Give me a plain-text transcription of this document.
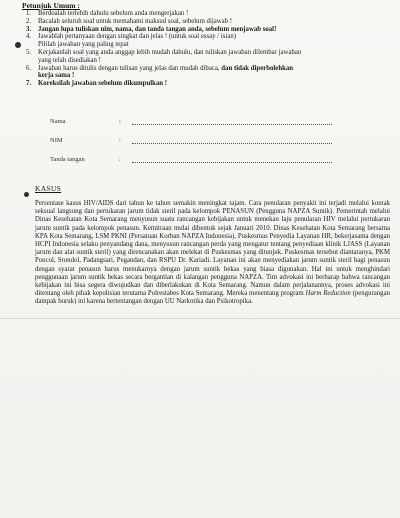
Petunjuk Umum :
1. Berdoalah terlebih dahulu sebelum anda mengerjakan !
2. Bacalah seluruh soal untuk memahami maksud soal, sebelum dijawab !
3. Jangan lupa tuliskan nim, nama, dan tanda tangan anda, sebelum menjawab soal!
4. Jawablah pertanyaan dengan singkat dan jelas ! (untuk soal essay / isian)
Pililah jawaban yang paling tepat
5. Kerjakanlah soal yang anda anggap lebih mudah dahulu, dan tuliskan jawaban dilembar jawaban
yang telah disediakan !
6. Jawaban harus ditulis dengan tulisan yang jelas dan mudah dibaca, dan tidak diperbolehkan
kerja sama !
7. Koreksilah jawaban sebelum dikumpulkan !
Nama	:
NIM	:
Tanda tangan	:
KASUS

Persentase kasus HIV/AIDS dari tahun ke tahun semakin meningkat tajam. Cara penularan penyakit ini terjadi melalui kontak seksual langsung dan pertukaran jarum tidak steril pada kelompok PENASUN (Pengguna NAPZA Suntik). Pemerintah melalui Dinas Kesehatan Kota Semarang menyusun suatu rancangan kebijakan untuk menekan laju penularan HIV melalui pertukaran jarum suntik pada kelompok penasun. Kemitraan mulai dibentuk sejak Januari 2010. Dinas Kesehatan Kota Semarang bersama KPA Kota Semarang, LSM PKNI (Persatuan Korban NAPZA Indonesia), Puskesmas Penyedia Layanan HR, bekerjasama dengan HCPI Indonesia selaku penyandang dana, menyusun rancangan perda yang mengatur tentang penyediaan klinik LJASS (Layanan jarum dan alat suntik steril) yang direncanakan akan melekat di Puskesmas yang ditunjuk. Puskesmas tersebut diantaranya, PKM Poncol, Srondol, Padangsari, Pegandan, dan RSPU Dr. Kariadi. Layanan ini akan menyediakan jarum suntik steril bagi penasun dengan syarat penasun harus menukarnya dengan jarum suntik bekas yang biasa digunakan. Hal ini untuk menghindari penggunaan jarum suntik bekas secara bergantian di kalangan pengguna NAPZA. Tim advokasi ini berharap bahwa rancangan kebijakan ini bisa segera diwujudkan dan diberlakukan di Kota Semarang. Namun dalam perjalanannya, proses advokasi ini ditentang oleh pihak kepolisian terutama Polrestabes Kota Semarang. Mereka menentang program Harm Reduction (pengurangan dampak buruk) ini karena bertentangan dengan UU Narkotika dan Psikotropika.
